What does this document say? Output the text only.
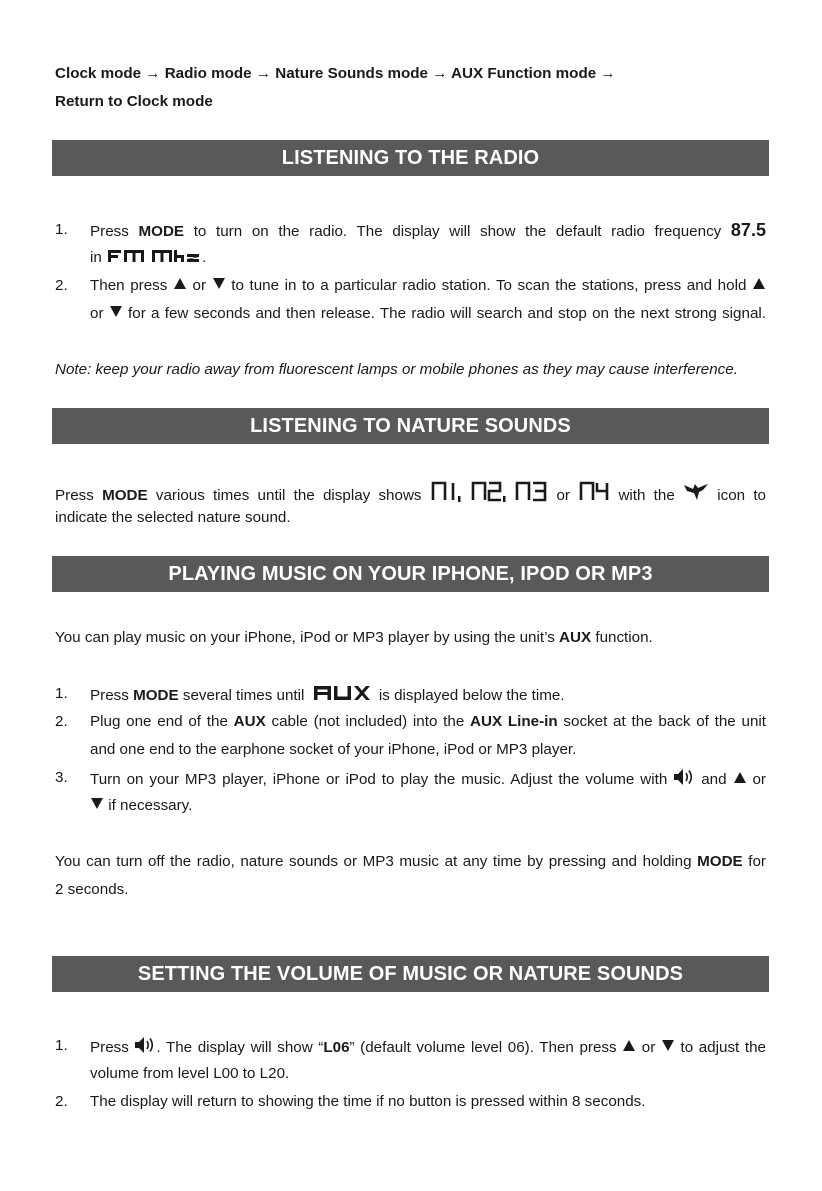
Clock mode → Radio mode → Nature Sounds mode → AUX Function mode →
Return to Clock mode
LISTENING TO THE RADIO
1. Press MODE to turn on the radio. The display will show the default radio frequency 87.5
in	.
2. Then press or to tune in to a particular radio station. To scan the stations, press and hold
or for a few seconds and then release. The radio will search and stop on the next strong signal.
Note: keep your radio away from fluorescent lamps or mobile phones as they may cause interference.
LISTENING TO NATURE SOUNDS
Press MODE various times until the display shows	or	with the	icon to
indicate the selected nature sound.
PLAYING MUSIC ON YOUR IPHONE, IPOD OR MP3
You can play music on your iPhone, iPod or MP3 player by using the unit’s AUX function.
1. Press MODE several times until	is displayed below the time.
2. Plug one end of the AUX cable (not included) into the AUX Line-in socket at the back of the unit
and one end to the earphone socket of your iPhone, iPod or MP3 player.
3. Turn on your MP3 player, iPhone or iPod to play the music. Adjust the volume with and or
if necessary.
You can turn off the radio, nature sounds or MP3 music at any time by pressing and holding MODE for
2 seconds.
SETTING THE VOLUME OF MUSIC OR NATURE SOUNDS
1. Press . The display will show “L06” (default volume level 06). Then press or to adjust the
volume from level L00 to L20.
2. The display will return to showing the time if no button is pressed within 8 seconds.
